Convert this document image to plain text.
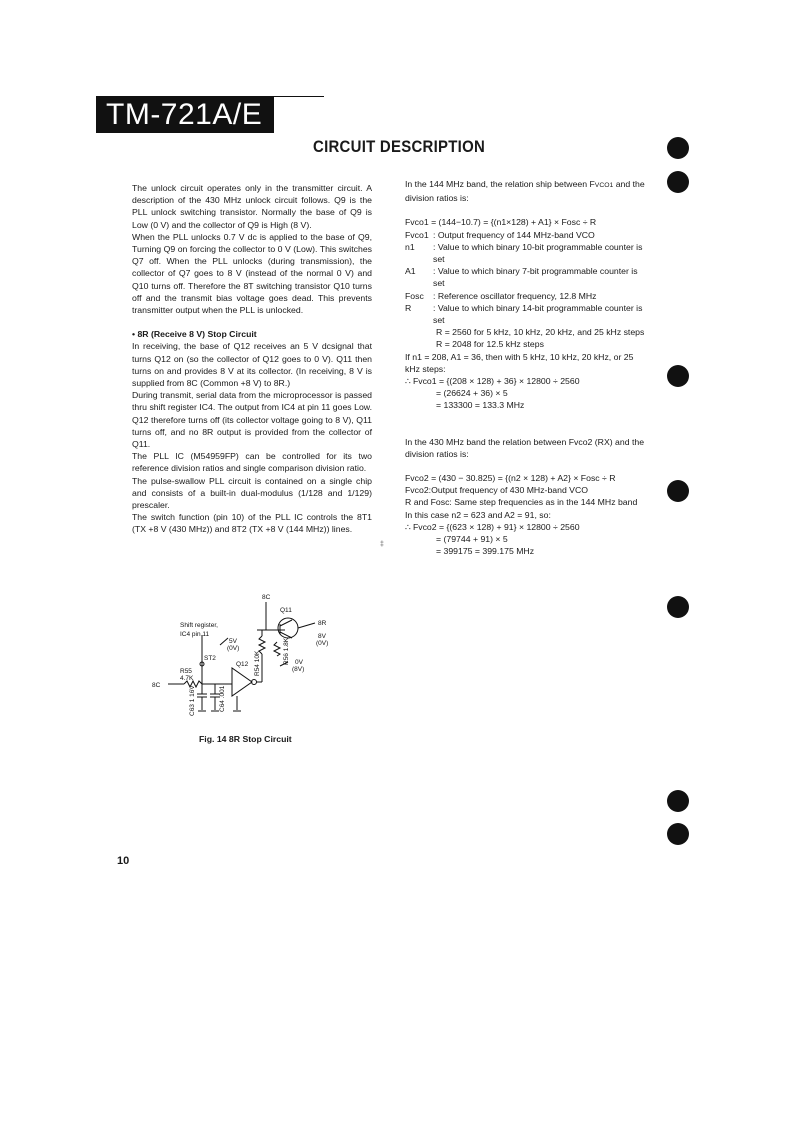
TM-721A/E
CIRCUIT DESCRIPTION

The unlock circuit operates only in the transmitter circuit. A description of the 430 MHz unlock circuit follows. Q9 is the PLL unlock switching transistor. Normally the base of Q9 is Low (0 V) and the collector of Q9 is High (8 V).

When the PLL unlocks 0.7 V dc is applied to the base of Q9, Turning Q9 on forcing the collector to 0 V (Low). This switches Q7 off. When the PLL unlocks (during transmission), the collector of Q7 goes to 8 V (instead of the normal 0 V) and Q10 turns off. Therefore the 8T switching transistor Q10 turns off and the transmit bias voltage goes dead. This prevents transmitter output when the PLL is unlocked.

• 8R (Receive 8 V) Stop Circuit

In receiving, the base of Q12 receives an 5 V dcsignal that turns Q12 on (so the collector of Q12 goes to 0 V). Q11 then turns on and provides 8 V at its collector. (In receiving, 8 V is supplied from 8C (Common +8 V) to 8R.)

During transmit, serial data from the microprocessor is passed thru shift register IC4. The output from IC4 at pin 11 goes Low. Q12 therefore turns off (its collector voltage going to 8 V), Q11 turns off, and no 8R output is provided from the collector of Q11.

The PLL IC (M54959FP) can be controlled for its two reference division ratios and single comparison division ratio.

The pulse-swallow PLL circuit is contained on a single chip and consists of a built-in dual-modulus (1/128 and 1/129) prescaler.

The switch function (pin 10) of the PLL IC controls the 8T1 (TX +8 V (430 MHz)) and 8T2 (TX +8 V (144 MHz)) lines.

In the 144 MHz band, the relation ship between FVCO1 and the division ratios is:

Fvco1 = (144−10.7) = {(n1×128) + A1} × Fosc ÷ R

Fvco1 : Output frequency of 144 MHz-band VCO
n1	: Value to which binary 10-bit programmable counter is set
A1	: Value to which binary 7-bit programmable counter is set
Fosc	: Reference oscillator frequency, 12.8 MHz
R	: Value to which binary 14-bit programmable counter is set

R = 2560 for 5 kHz, 10 kHz, 20 kHz, and 25 kHz steps

R = 2048 for 12.5 kHz steps

If n1 = 208, A1 = 36, then with 5 kHz, 10 kHz, 20 kHz, or 25 kHz steps:

∴ Fvco1 = {(208 × 128) + 36} × 12800 ÷ 2560

= (26624 + 36) × 5

= 133300 = 133.3 MHz

In the 430 MHz band the relation between Fvco2 (RX) and the division ratios is:

Fvco2 = (430 − 30.825) = {(n2 × 128) + A2} × Fosc ÷ R

Fvco2:Output frequency of 430 MHz-band VCO

R and Fosc: Same step frequencies as in the 144 MHz band

In this case n2 = 623 and A2 = 91, so:

∴ Fvco2 = {(623 × 128) + 91} × 12800 ÷ 2560

= (79744 + 91) × 5

= 399175 = 399.175 MHz

‡
8C
Q11
8R
Shift register,
IC4 pin 11
5V
(0V)
R54 10K	R56 1.8K
8V
(0V)
ST2
0V
(8V)
R55
4.7K
Q12
8C	C63 1 16V	C64 .001
Fig. 14 8R Stop Circuit
10
